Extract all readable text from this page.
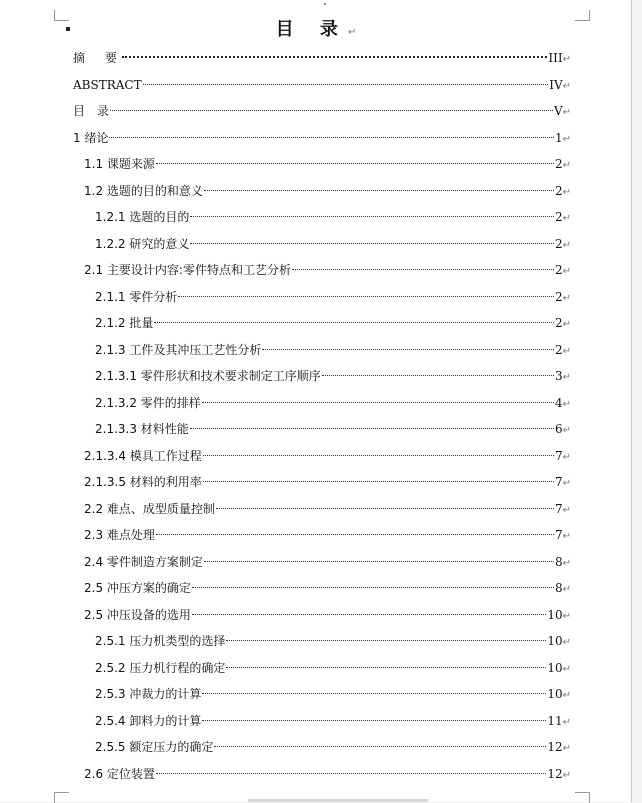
目 录↵
摘　要	III ↵
ABSTRACT	IV ↵
目　录	V ↵
1 绪论	1 ↵
1.1 课题来源	2 ↵
1.2 选题的目的和意义	2 ↵
1.2.1 选题的目的	2 ↵
1.2.2 研究的意义	2 ↵
2.1 主要设计内容:零件特点和工艺分析	2 ↵
2.1.1 零件分析	2 ↵
2.1.2 批量	2 ↵
2.1.3 工件及其冲压工艺性分析	2 ↵
2.1.3.1 零件形状和技术要求制定工序顺序	3 ↵
2.1.3.2 零件的排样	4 ↵
2.1.3.3 材料性能	6 ↵
2.1.3.4 模具工作过程	7 ↵
2.1.3.5 材料的利用率	7 ↵
2.2 难点、成型质量控制	7 ↵
2.3 难点处理	7 ↵
2.4 零件制造方案制定	8 ↵
2.5 冲压方案的确定	8 ↵
2.5 冲压设备的选用	10 ↵
2.5.1 压力机类型的选择	10 ↵
2.5.2 压力机行程的确定	10 ↵
2.5.3 冲裁力的计算	10 ↵
2.5.4 卸料力的计算	11 ↵
2.5.5 额定压力的确定	12 ↵
2.6 定位装置	12 ↵
